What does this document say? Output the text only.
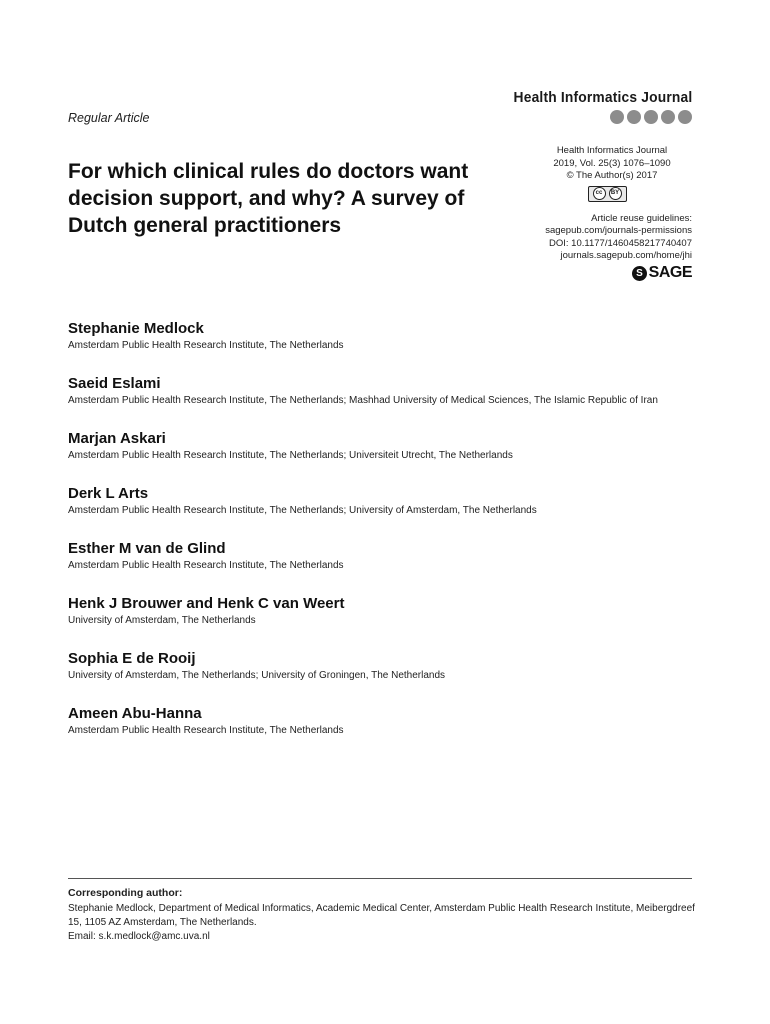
Health Informatics Journal
Regular Article
For which clinical rules do doctors want decision support, and why? A survey of Dutch general practitioners
Health Informatics Journal
2019, Vol. 25(3) 1076–1090
© The Author(s) 2017
cc	BY
Article reuse guidelines:
sagepub.com/journals-permissions
DOI: 10.1177/1460458217740407
journals.sagepub.com/home/jhi
S SAGE
Stephanie Medlock
Amsterdam Public Health Research Institute, The Netherlands
Saeid Eslami
Amsterdam Public Health Research Institute, The Netherlands; Mashhad University of Medical Sciences, The Islamic Republic of Iran
Marjan Askari
Amsterdam Public Health Research Institute, The Netherlands; Universiteit Utrecht, The Netherlands
Derk L Arts
Amsterdam Public Health Research Institute, The Netherlands; University of Amsterdam, The Netherlands
Esther M van de Glind
Amsterdam Public Health Research Institute, The Netherlands
Henk J Brouwer and Henk C van Weert
University of Amsterdam, The Netherlands
Sophia E de Rooij
University of Amsterdam, The Netherlands; University of Groningen, The Netherlands
Ameen Abu-Hanna
Amsterdam Public Health Research Institute, The Netherlands
Corresponding author:
Stephanie Medlock, Department of Medical Informatics, Academic Medical Center, Amsterdam Public Health Research Institute, Meibergdreef 15, 1105 AZ Amsterdam, The Netherlands.
Email: s.k.medlock@amc.uva.nl
